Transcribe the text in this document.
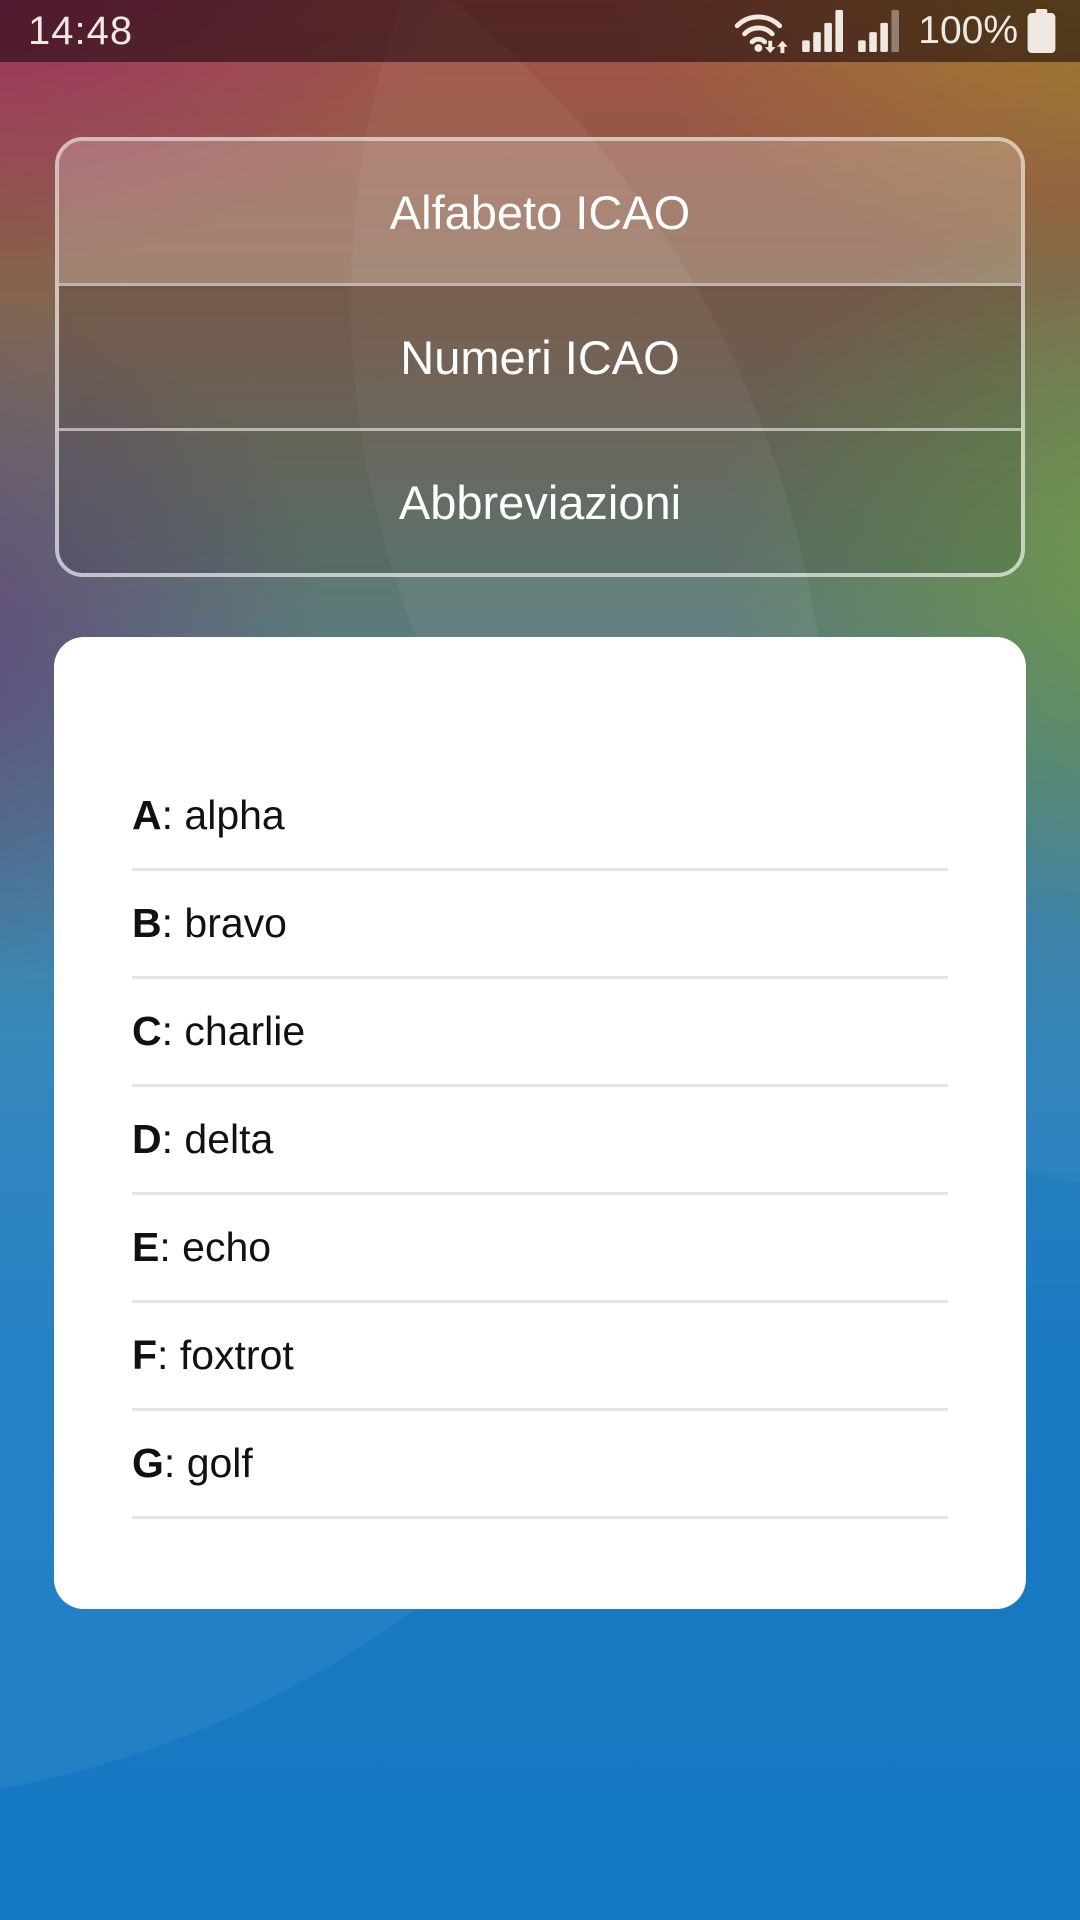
14:48	100%
Alfabeto ICAO
Numeri ICAO
Abbreviazioni
A: alpha
B: bravo
C: charlie
D: delta
E: echo
F: foxtrot
G: golf
